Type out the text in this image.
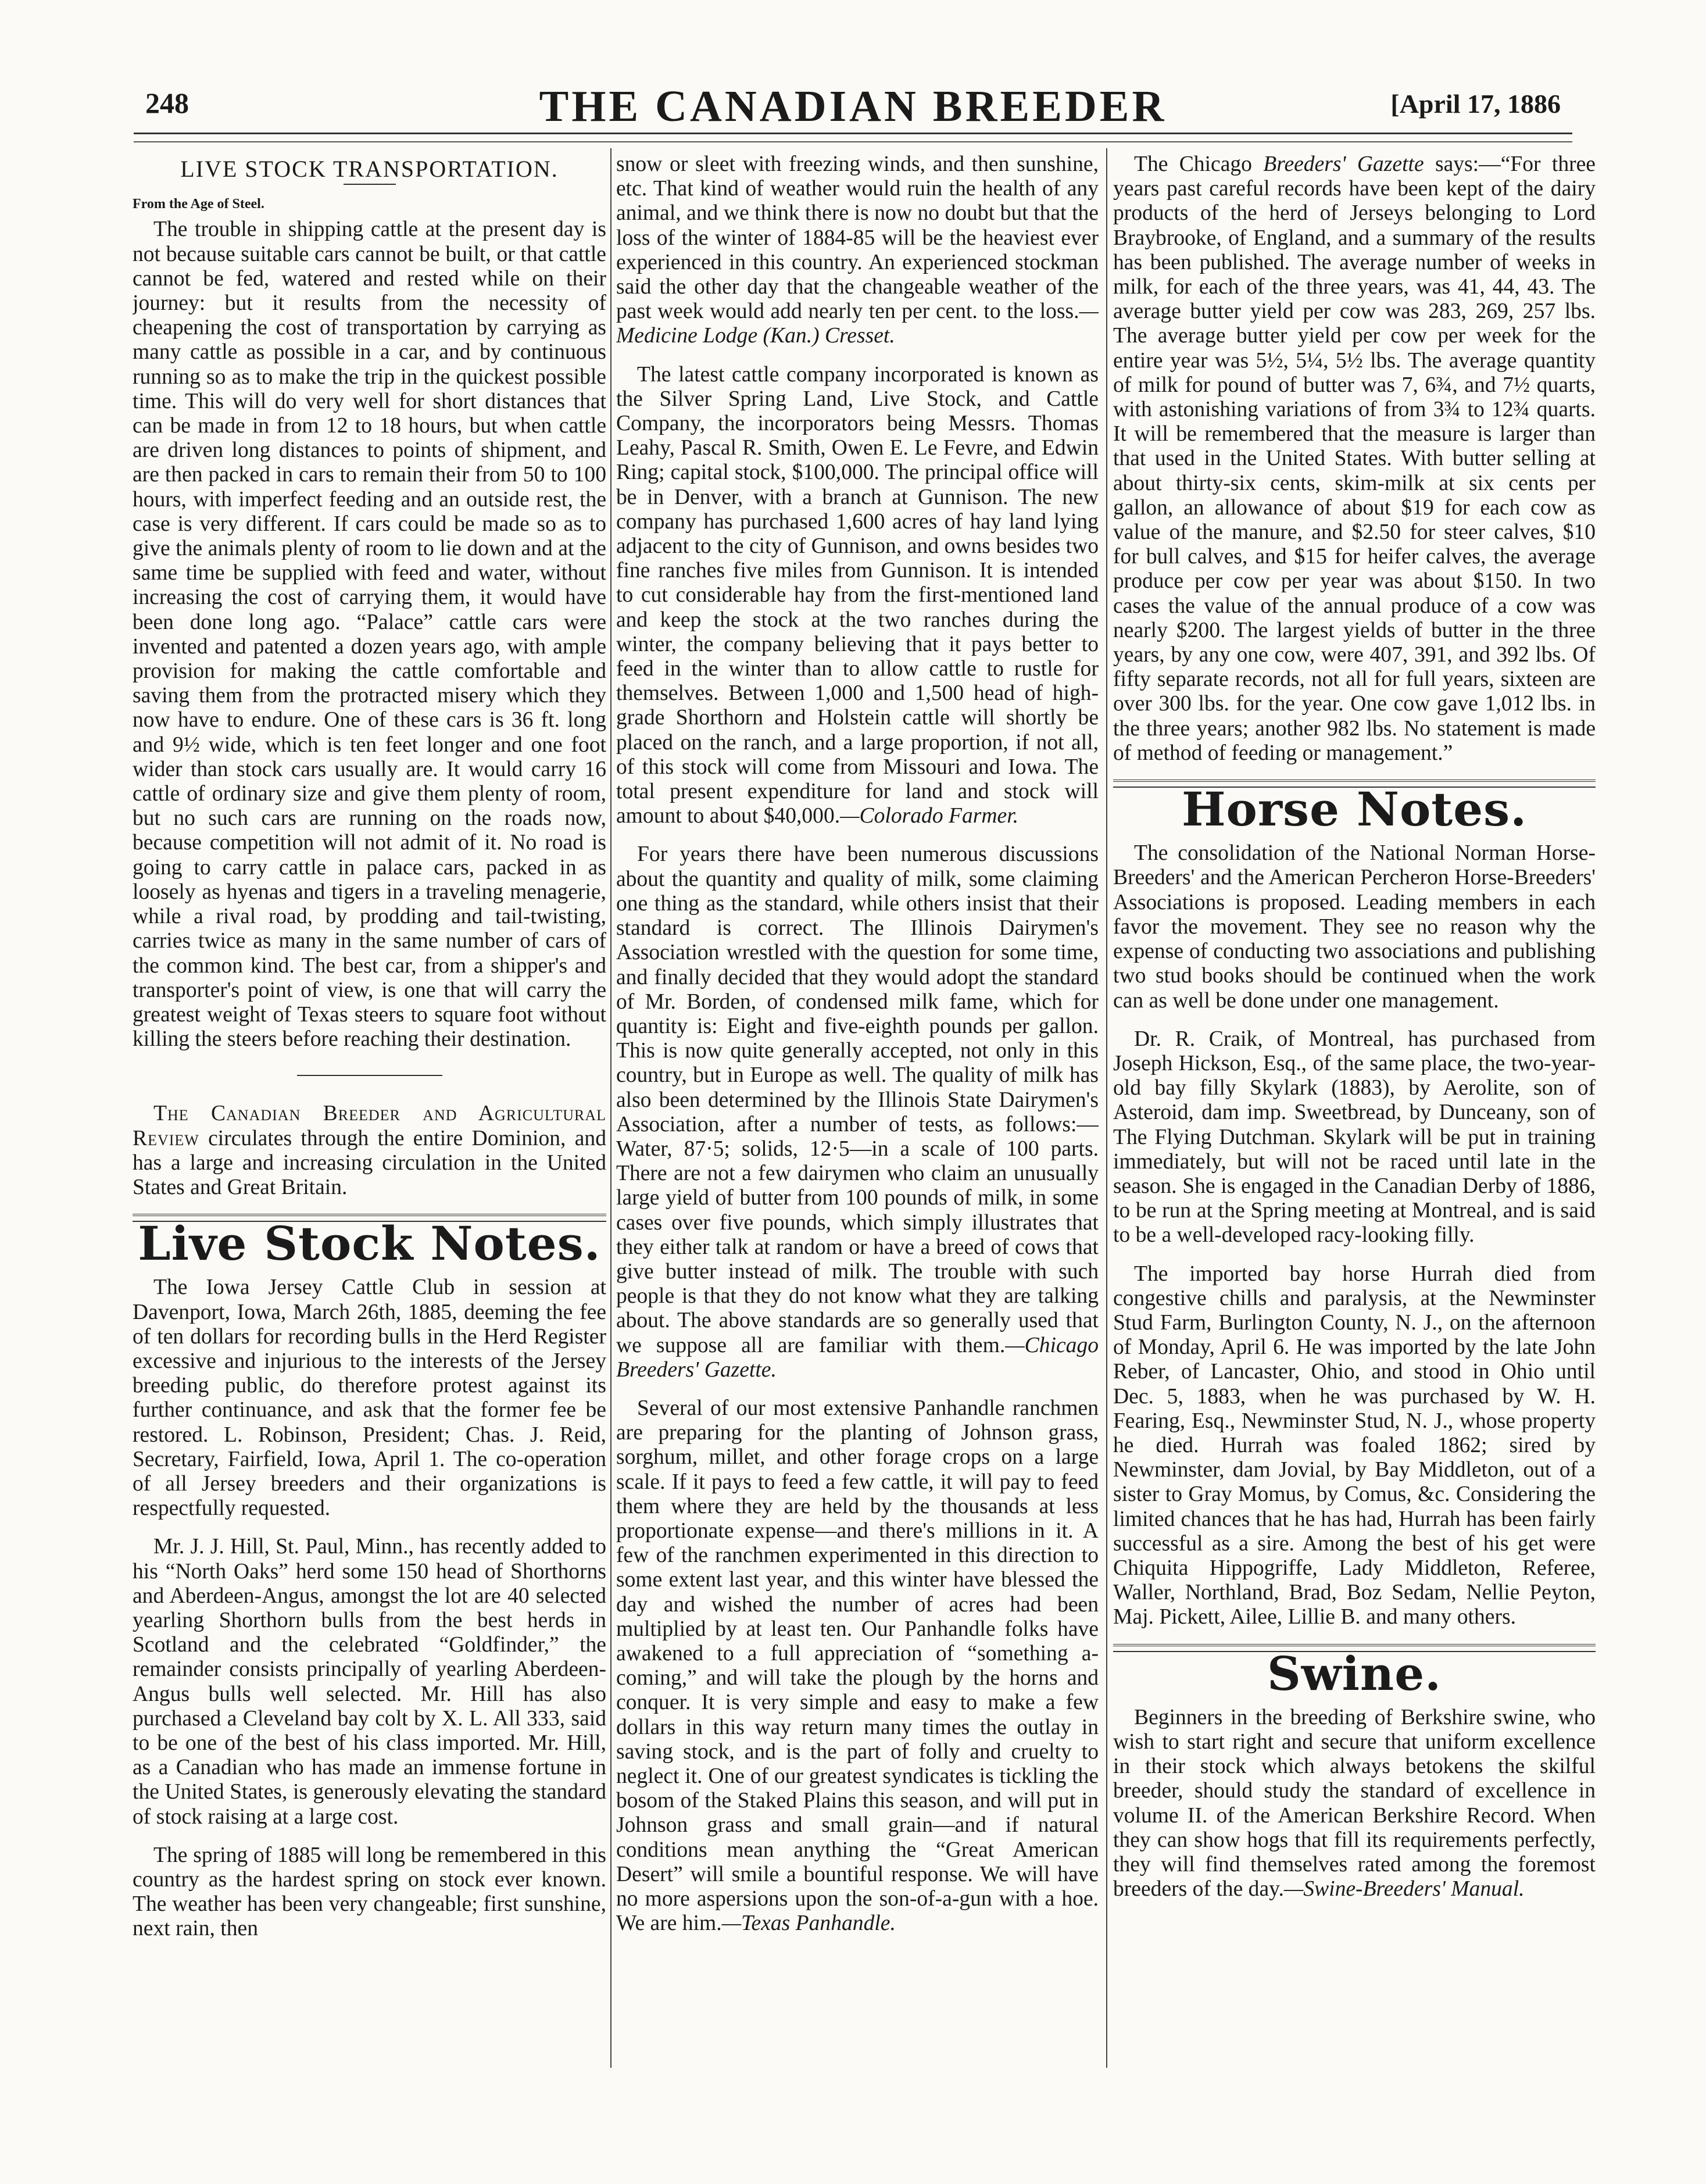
248	THE CANADIAN BREEDER	[April 17, 1886
LIVE STOCK TRANSPORTATION.
From the Age of Steel.

The trouble in shipping cattle at the present day is not because suitable cars cannot be built, or that cattle cannot be fed, watered and rested while on their journey: but it results from the necessity of cheapening the cost of transportation by carrying as many cattle as possible in a car, and by continuous running so as to make the trip in the quickest possible time. This will do very well for short distances that can be made in from 12 to 18 hours, but when cattle are driven long distances to points of shipment, and are then packed in cars to remain their from 50 to 100 hours, with imperfect feeding and an outside rest, the case is very different. If cars could be made so as to give the animals plenty of room to lie down and at the same time be supplied with feed and water, without increasing the cost of carrying them, it would have been done long ago. “Palace” cattle cars were invented and patented a dozen years ago, with ample provision for making the cattle comfortable and saving them from the protracted misery which they now have to endure. One of these cars is 36 ft. long and 9½ wide, which is ten feet longer and one foot wider than stock cars usually are. It would carry 16 cattle of ordinary size and give them plenty of room, but no such cars are running on the roads now, because competition will not admit of it. No road is going to carry cattle in palace cars, packed in as loosely as hyenas and tigers in a traveling menagerie, while a rival road, by prodding and tail-twisting, carries twice as many in the same number of cars of the common kind. The best car, from a shipper's and transporter's point of view, is one that will carry the greatest weight of Texas steers to square foot without killing the steers before reaching their destination.

The Canadian Breeder and Agricultural Review circulates through the entire Dominion, and has a large and increasing circulation in the United States and Great Britain.

Live Stock Notes.

The Iowa Jersey Cattle Club in session at Davenport, Iowa, March 26th, 1885, deeming the fee of ten dollars for recording bulls in the Herd Register excessive and injurious to the interests of the Jersey breeding public, do therefore protest against its further continuance, and ask that the former fee be restored. L. Robinson, President; Chas. J. Reid, Secretary, Fairfield, Iowa, April 1. The co-operation of all Jersey breeders and their organizations is respectfully requested.

Mr. J. J. Hill, St. Paul, Minn., has recently added to his “North Oaks” herd some 150 head of Shorthorns and Aberdeen-Angus, amongst the lot are 40 selected yearling Shorthorn bulls from the best herds in Scotland and the celebrated “Goldfinder,” the remainder consists principally of yearling Aberdeen-Angus bulls well selected. Mr. Hill has also purchased a Cleveland bay colt by X. L. All 333, said to be one of the best of his class imported. Mr. Hill, as a Canadian who has made an immense fortune in the United States, is generously elevating the standard of stock raising at a large cost.

The spring of 1885 will long be remembered in this country as the hardest spring on stock ever known. The weather has been very changeable; first sunshine, next rain, then

snow or sleet with freezing winds, and then sunshine, etc. That kind of weather would ruin the health of any animal, and we think there is now no doubt but that the loss of the winter of 1884-85 will be the heaviest ever experienced in this country. An experienced stockman said the other day that the changeable weather of the past week would add nearly ten per cent. to the loss.—Medicine Lodge (Kan.) Cresset.

The latest cattle company incorporated is known as the Silver Spring Land, Live Stock, and Cattle Company, the incorporators being Messrs. Thomas Leahy, Pascal R. Smith, Owen E. Le Fevre, and Edwin Ring; capital stock, $100,000. The principal office will be in Denver, with a branch at Gunnison. The new company has purchased 1,600 acres of hay land lying adjacent to the city of Gunnison, and owns besides two fine ranches five miles from Gunnison. It is intended to cut considerable hay from the first-mentioned land and keep the stock at the two ranches during the winter, the company believing that it pays better to feed in the winter than to allow cattle to rustle for themselves. Between 1,000 and 1,500 head of high-grade Shorthorn and Holstein cattle will shortly be placed on the ranch, and a large proportion, if not all, of this stock will come from Missouri and Iowa. The total present expenditure for land and stock will amount to about $40,000.—Colorado Farmer.

For years there have been numerous discussions about the quantity and quality of milk, some claiming one thing as the standard, while others insist that their standard is correct. The Illinois Dairymen's Association wrestled with the question for some time, and finally decided that they would adopt the standard of Mr. Borden, of condensed milk fame, which for quantity is: Eight and five-eighth pounds per gallon. This is now quite generally accepted, not only in this country, but in Europe as well. The quality of milk has also been determined by the Illinois State Dairymen's Association, after a number of tests, as follows:—Water, 87·5; solids, 12·5—in a scale of 100 parts. There are not a few dairymen who claim an unusually large yield of butter from 100 pounds of milk, in some cases over five pounds, which simply illustrates that they either talk at random or have a breed of cows that give butter instead of milk. The trouble with such people is that they do not know what they are talking about. The above standards are so generally used that we suppose all are familiar with them.—Chicago Breeders' Gazette.

Several of our most extensive Panhandle ranchmen are preparing for the planting of Johnson grass, sorghum, millet, and other forage crops on a large scale. If it pays to feed a few cattle, it will pay to feed them where they are held by the thousands at less proportionate expense—and there's millions in it. A few of the ranchmen experimented in this direction to some extent last year, and this winter have blessed the day and wished the number of acres had been multiplied by at least ten. Our Panhandle folks have awakened to a full appreciation of “something a-coming,” and will take the plough by the horns and conquer. It is very simple and easy to make a few dollars in this way return many times the outlay in saving stock, and is the part of folly and cruelty to neglect it. One of our greatest syndicates is tickling the bosom of the Staked Plains this season, and will put in Johnson grass and small grain—and if natural conditions mean anything the “Great American Desert” will smile a bountiful response. We will have no more aspersions upon the son-of-a-gun with a hoe. We are him.—Texas Panhandle.

The Chicago Breeders' Gazette says:—“For three years past careful records have been kept of the dairy products of the herd of Jerseys belonging to Lord Braybrooke, of England, and a summary of the results has been published. The average number of weeks in milk, for each of the three years, was 41, 44, 43. The average butter yield per cow was 283, 269, 257 lbs. The average butter yield per cow per week for the entire year was 5½, 5¼, 5½ lbs. The average quantity of milk for pound of butter was 7, 6¾, and 7½ quarts, with astonishing variations of from 3¾ to 12¾ quarts. It will be remembered that the measure is larger than that used in the United States. With butter selling at about thirty-six cents, skim-milk at six cents per gallon, an allowance of about $19 for each cow as value of the manure, and $2.50 for steer calves, $10 for bull calves, and $15 for heifer calves, the average produce per cow per year was about $150. In two cases the value of the annual produce of a cow was nearly $200. The largest yields of butter in the three years, by any one cow, were 407, 391, and 392 lbs. Of fifty separate records, not all for full years, sixteen are over 300 lbs. for the year. One cow gave 1,012 lbs. in the three years; another 982 lbs. No statement is made of method of feeding or management.”

Horse Notes.

The consolidation of the National Norman Horse-Breeders' and the American Percheron Horse-Breeders' Associations is proposed. Leading members in each favor the movement. They see no reason why the expense of conducting two associations and publishing two stud books should be continued when the work can as well be done under one management.

Dr. R. Craik, of Montreal, has purchased from Joseph Hickson, Esq., of the same place, the two-year-old bay filly Skylark (1883), by Aerolite, son of Asteroid, dam imp. Sweetbread, by Dunceany, son of The Flying Dutchman. Skylark will be put in training immediately, but will not be raced until late in the season. She is engaged in the Canadian Derby of 1886, to be run at the Spring meeting at Montreal, and is said to be a well-developed racy-looking filly.

The imported bay horse Hurrah died from congestive chills and paralysis, at the Newminster Stud Farm, Burlington County, N. J., on the afternoon of Monday, April 6. He was imported by the late John Reber, of Lancaster, Ohio, and stood in Ohio until Dec. 5, 1883, when he was purchased by W. H. Fearing, Esq., Newminster Stud, N. J., whose property he died. Hurrah was foaled 1862; sired by Newminster, dam Jovial, by Bay Middleton, out of a sister to Gray Momus, by Comus, &c. Considering the limited chances that he has had, Hurrah has been fairly successful as a sire. Among the best of his get were Chiquita Hippogriffe, Lady Middleton, Referee, Waller, Northland, Brad, Boz Sedam, Nellie Peyton, Maj. Pickett, Ailee, Lillie B. and many others.

Swine.

Beginners in the breeding of Berkshire swine, who wish to start right and secure that uniform excellence in their stock which always betokens the skilful breeder, should study the standard of excellence in volume II. of the American Berkshire Record. When they can show hogs that fill its requirements perfectly, they will find themselves rated among the foremost breeders of the day.—Swine-Breeders' Manual.
